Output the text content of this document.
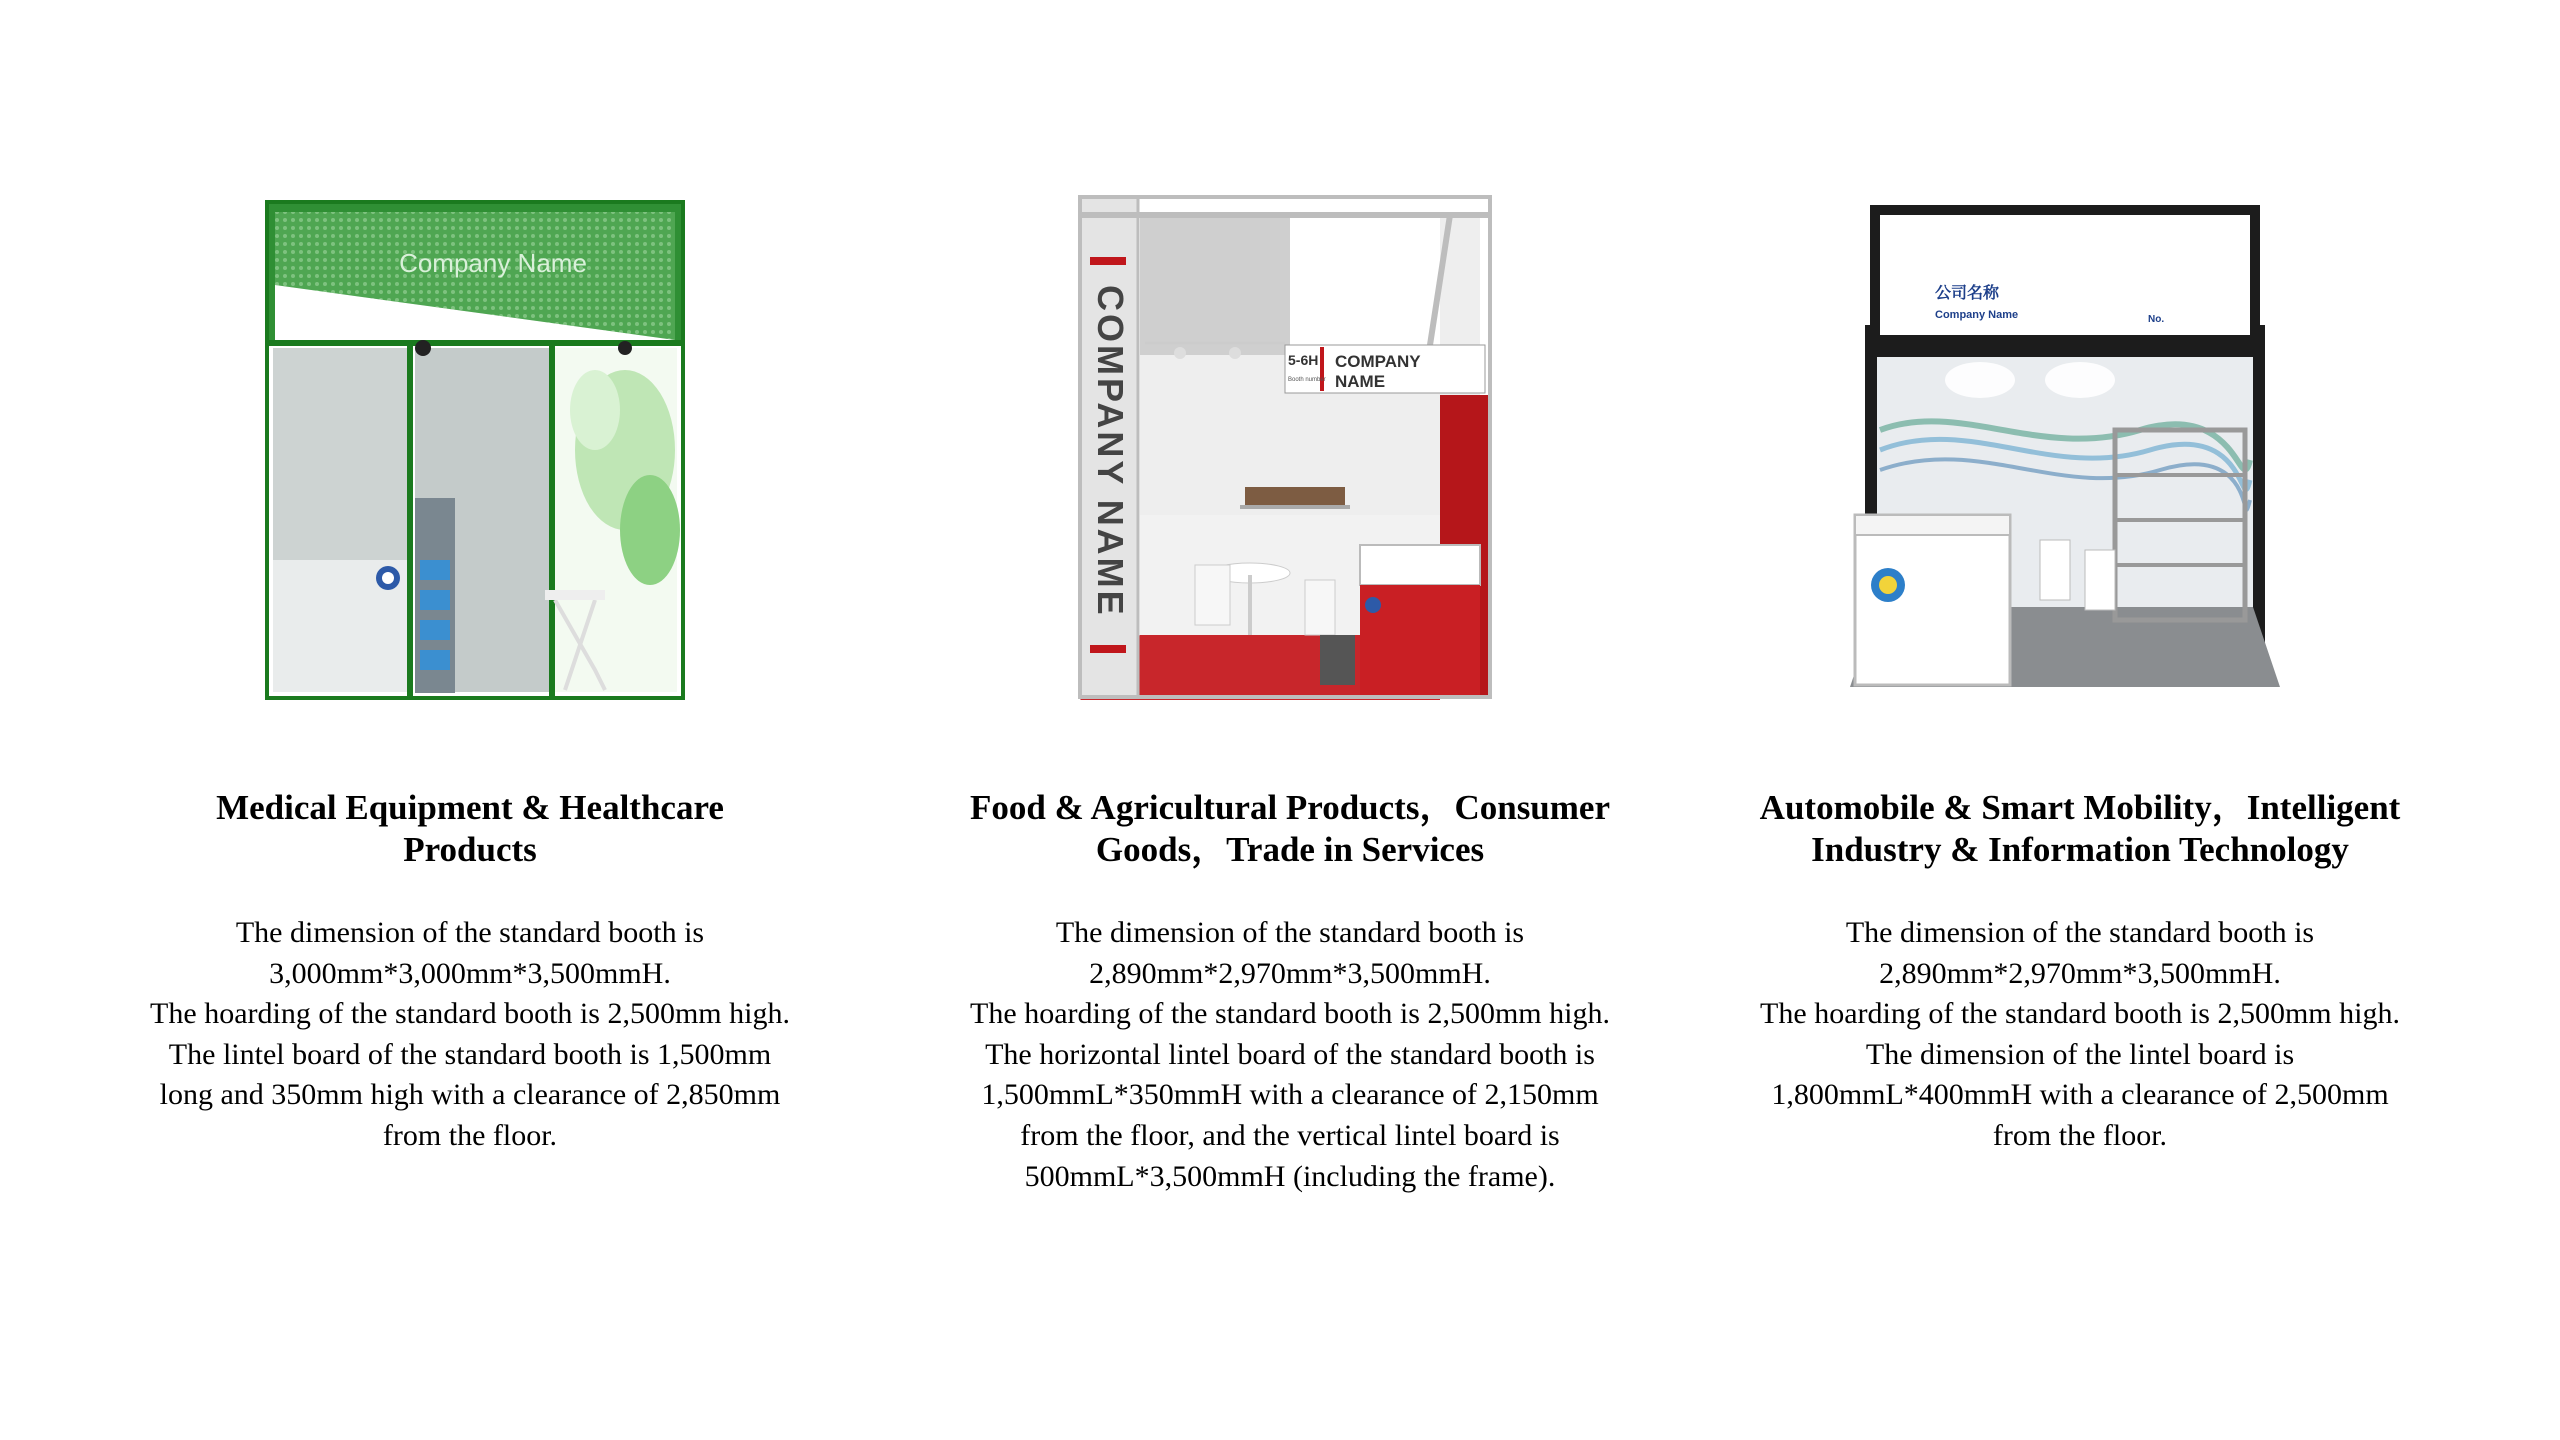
Company Name
Medical Equipment & Healthcare Products
The dimension of the standard booth is
3,000mm*3,000mm*3,500mmH.
The hoarding of the standard booth is 2,500mm high.
The lintel board of the standard booth is 1,500mm
long and 350mm high with a clearance of 2,850mm
from the floor.
COMPANY NAME	5-6H
Booth number
COMPANY
NAME
Food & Agricultural Products，Consumer Goods，Trade in Services
The dimension of the standard booth is
2,890mm*2,970mm*3,500mmH.
The hoarding of the standard booth is 2,500mm high.
The horizontal lintel board of the standard booth is
1,500mmL*350mmH with a clearance of 2,150mm
from the floor, and the vertical lintel board is
500mmL*3,500mmH (including the frame).
公司名称
Company Name	No.
Automobile & Smart Mobility，Intelligent Industry & Information Technology
The dimension of the standard booth is
2,890mm*2,970mm*3,500mmH.
The hoarding of the standard booth is 2,500mm high.
The dimension of the lintel board is
1,800mmL*400mmH with a clearance of 2,500mm
from the floor.
